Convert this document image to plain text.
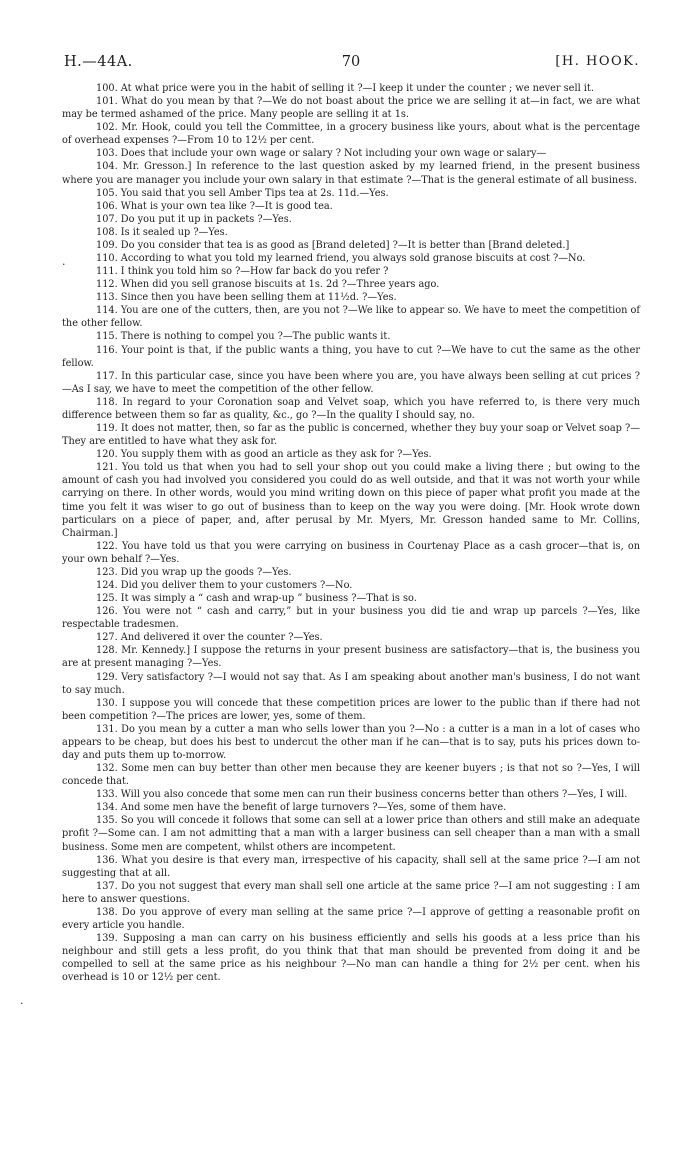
H.—44A.	70	[H. HOOK.

100. At what price were you in the habit of selling it ?—I keep it under the counter ; we never sell it.

101. What do you mean by that ?—We do not boast about the price we are selling it at—in fact, we are what may be termed ashamed of the price. Many people are selling it at 1s.

102. Mr. Hook, could you tell the Committee, in a grocery business like yours, about what is the percentage of overhead expenses ?—From 10 to 12½ per cent.

103. Does that include your own wage or salary ? Not including your own wage or salary—

104. Mr. Gresson.] In reference to the last question asked by my learned friend, in the present business where you are manager you include your own salary in that estimate ?—That is the general estimate of all business.

105. You said that you sell Amber Tips tea at 2s. 11d.—Yes.

106. What is your own tea like ?—It is good tea.

107. Do you put it up in packets ?—Yes.

108. Is it sealed up ?—Yes.

109. Do you consider that tea is as good as [Brand deleted] ?—It is better than [Brand deleted.]

110. According to what you told my learned friend, you always sold granose biscuits at cost ?—No.

111. I think you told him so ?—How far back do you refer ?

112. When did you sell granose biscuits at 1s. 2d ?—Three years ago.

113. Since then you have been selling them at 11½d. ?—Yes.

114. You are one of the cutters, then, are you not ?—We like to appear so. We have to meet the competition of the other fellow.

115. There is nothing to compel you ?—The public wants it.

116. Your point is that, if the public wants a thing, you have to cut ?—We have to cut the same as the other fellow.

117. In this particular case, since you have been where you are, you have always been selling at cut prices ?—As I say, we have to meet the competition of the other fellow.

118. In regard to your Coronation soap and Velvet soap, which you have referred to, is there very much difference between them so far as quality, &c., go ?—In the quality I should say, no.

119. It does not matter, then, so far as the public is concerned, whether they buy your soap or Velvet soap ?—They are entitled to have what they ask for.

120. You supply them with as good an article as they ask for ?—Yes.

121. You told us that when you had to sell your shop out you could make a living there ; but owing to the amount of cash you had involved you considered you could do as well outside, and that it was not worth your while carrying on there. In other words, would you mind writing down on this piece of paper what profit you made at the time you felt it was wiser to go out of business than to keep on the way you were doing. [Mr. Hook wrote down particulars on a piece of paper, and, after perusal by Mr. Myers, Mr. Gresson handed same to Mr. Collins, Chairman.]

122. You have told us that you were carrying on business in Courtenay Place as a cash grocer—that is, on your own behalf ?—Yes.

123. Did you wrap up the goods ?—Yes.

124. Did you deliver them to your customers ?—No.

125. It was simply a “ cash and wrap-up ” business ?—That is so.

126. You were not “ cash and carry,” but in your business you did tie and wrap up parcels ?—Yes, like respectable tradesmen.

127. And delivered it over the counter ?—Yes.

128. Mr. Kennedy.] I suppose the returns in your present business are satisfactory—that is, the business you are at present managing ?—Yes.

129. Very satisfactory ?—I would not say that. As I am speaking about another man's business, I do not want to say much.

130. I suppose you will concede that these competition prices are lower to the public than if there had not been competition ?—The prices are lower, yes, some of them.

131. Do you mean by a cutter a man who sells lower than you ?—No : a cutter is a man in a lot of cases who appears to be cheap, but does his best to undercut the other man if he can—that is to say, puts his prices down to-day and puts them up to-morrow.

132. Some men can buy better than other men because they are keener buyers ; is that not so ?—Yes, I will concede that.

133. Will you also concede that some men can run their business concerns better than others ?—Yes, I will.

134. And some men have the benefit of large turnovers ?—Yes, some of them have.

135. So you will concede it follows that some can sell at a lower price than others and still make an adequate profit ?—Some can. I am not admitting that a man with a larger business can sell cheaper than a man with a small business. Some men are competent, whilst others are incompetent.

136. What you desire is that every man, irrespective of his capacity, shall sell at the same price ?—I am not suggesting that at all.

137. Do you not suggest that every man shall sell one article at the same price ?—I am not suggesting : I am here to answer questions.

138. Do you approve of every man selling at the same price ?—I approve of getting a reasonable profit on every article you handle.

139. Supposing a man can carry on his business efficiently and sells his goods at a less price than his neighbour and still gets a less profit, do you think that that man should be prevented from doing it and be compelled to sell at the same price as his neighbour ?—No man can handle a thing for 2½ per cent. when his overhead is 10 or 12½ per cent.

·
·
